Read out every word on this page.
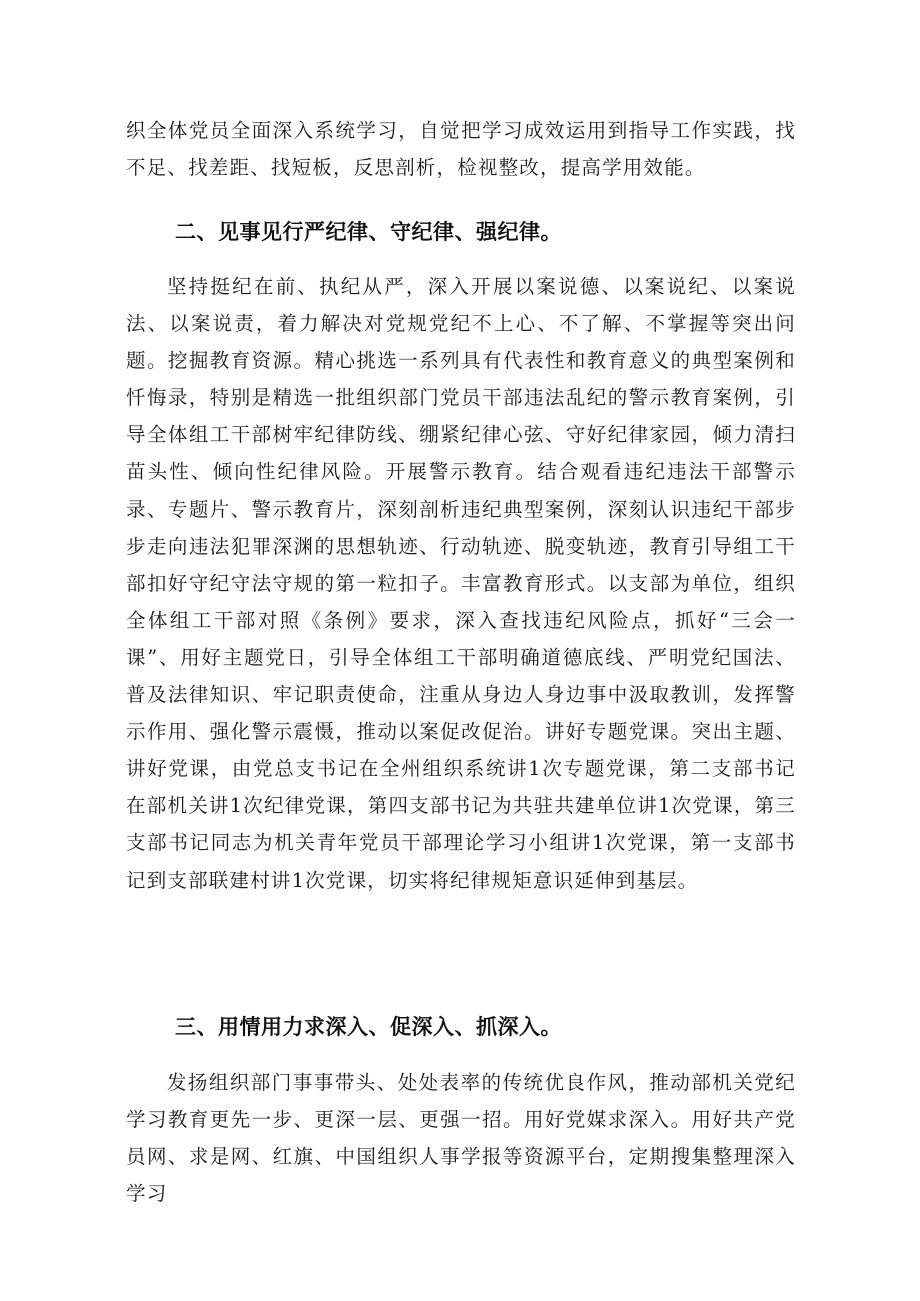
织全体党员全面深入系统学习，自觉把学习成效运用到指导工作实践，找不足、找差距、找短板，反思剖析，检视整改，提高学用效能。

二、见事见行严纪律、守纪律、强纪律。

坚持挺纪在前、执纪从严，深入开展以案说德、以案说纪、以案说法、以案说责，着力解决对党规党纪不上心、不了解、不掌握等突出问题。挖掘教育资源。精心挑选一系列具有代表性和教育意义的典型案例和忏悔录，特别是精选一批组织部门党员干部违法乱纪的警示教育案例，引导全体组工干部树牢纪律防线、绷紧纪律心弦、守好纪律家园，倾力清扫苗头性、倾向性纪律风险。开展警示教育。结合观看违纪违法干部警示录、专题片、警示教育片，深刻剖析违纪典型案例，深刻认识违纪干部步步走向违法犯罪深渊的思想轨迹、行动轨迹、脱变轨迹，教育引导组工干部扣好守纪守法守规的第一粒扣子。丰富教育形式。以支部为单位，组织全体组工干部对照《条例》要求，深入查找违纪风险点，抓好“三会一课”、用好主题党日，引导全体组工干部明确道德底线、严明党纪国法、普及法律知识、牢记职责使命，注重从身边人身边事中汲取教训，发挥警示作用、强化警示震慑，推动以案促改促治。讲好专题党课。突出主题、讲好党课，由党总支书记在全州组织系统讲1次专题党课，第二支部书记在部机关讲1次纪律党课，第四支部书记为共驻共建单位讲1次党课，第三支部书记同志为机关青年党员干部理论学习小组讲1次党课，第一支部书记到支部联建村讲1次党课，切实将纪律规矩意识延伸到基层。

三、用情用力求深入、促深入、抓深入。

发扬组织部门事事带头、处处表率的传统优良作风，推动部机关党纪学习教育更先一步、更深一层、更强一招。用好党媒求深入。用好共产党员网、求是网、红旗、中国组织人事学报等资源平台，定期搜集整理深入学习
